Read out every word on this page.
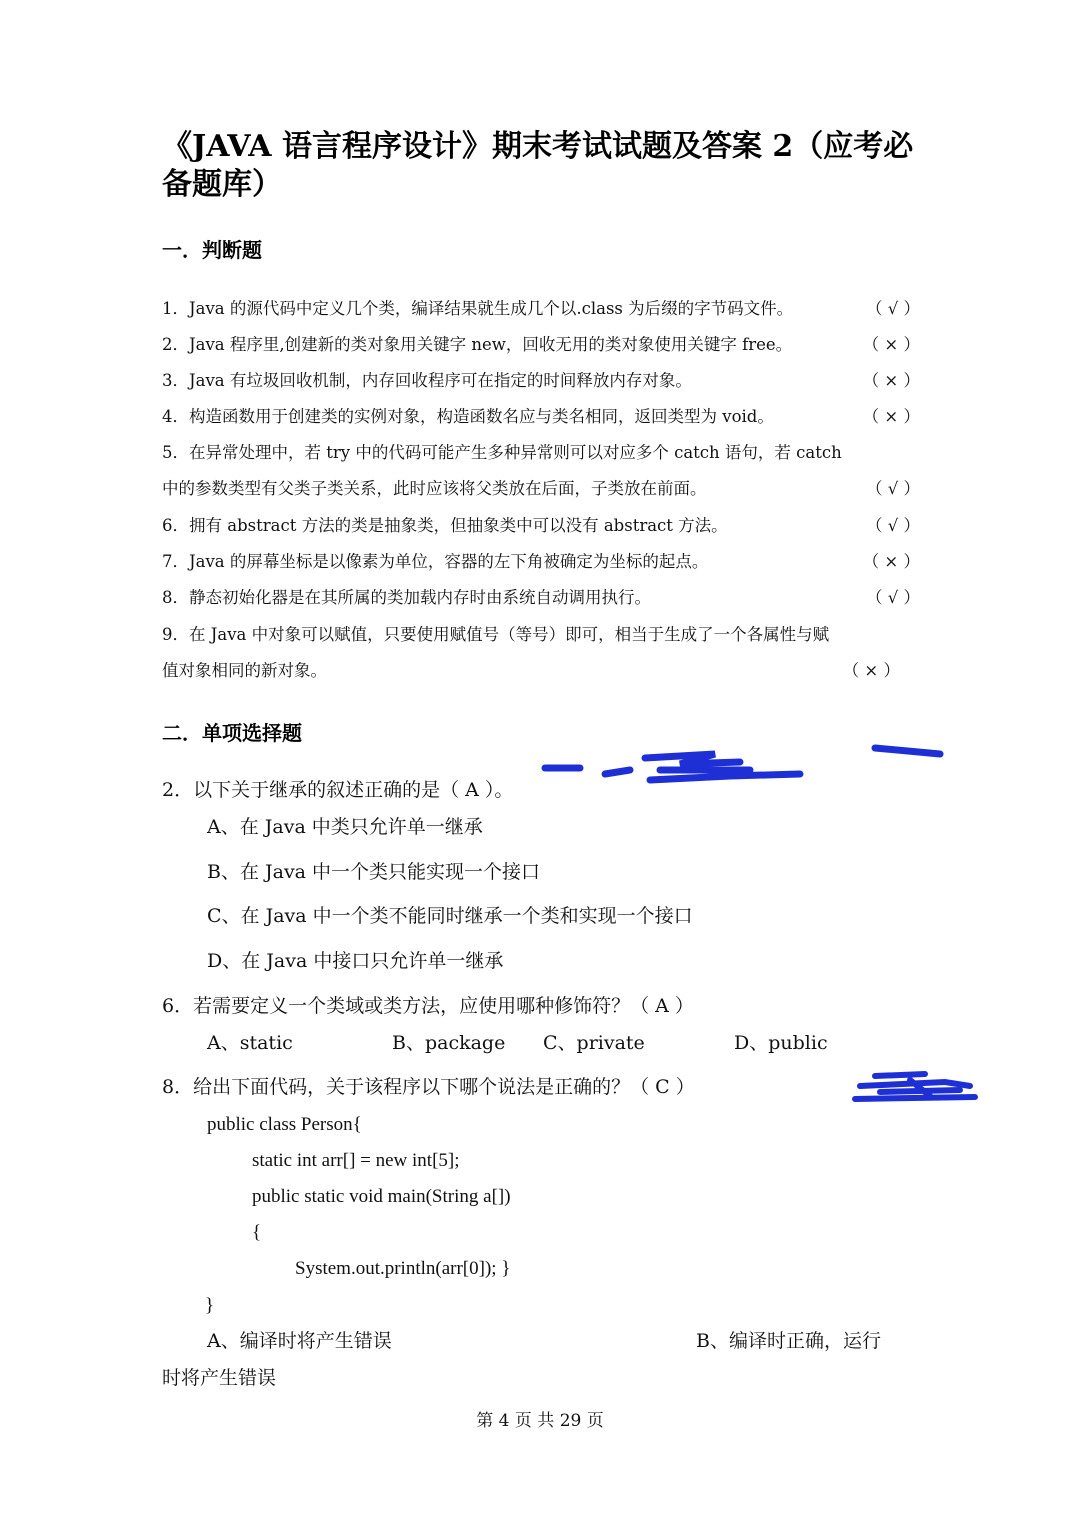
《JAVA 语言程序设计》期末考试试题及答案 2（应考必备题库）
一．判断题
1．Java 的源代码中定义几个类，编译结果就生成几个以.class 为后缀的字节码文件。	（ √ ）
2．Java 程序里,创建新的类对象用关键字 new，回收无用的类对象使用关键字 free。	（ × ）
3．Java 有垃圾回收机制，内存回收程序可在指定的时间释放内存对象。	（ × ）
4．构造函数用于创建类的实例对象，构造函数名应与类名相同，返回类型为 void。	（ × ）
5．在异常处理中，若 try 中的代码可能产生多种异常则可以对应多个 catch 语句，若 catch
中的参数类型有父类子类关系，此时应该将父类放在后面，子类放在前面。	（ √ ）
6．拥有 abstract 方法的类是抽象类，但抽象类中可以没有 abstract 方法。	（ √ ）
7．Java 的屏幕坐标是以像素为单位，容器的左下角被确定为坐标的起点。	（ × ）
8．静态初始化器是在其所属的类加载内存时由系统自动调用执行。	（ √ ）
9．在 Java 中对象可以赋值，只要使用赋值号（等号）即可，相当于生成了一个各属性与赋
值对象相同的新对象。	（ × ）
二．单项选择题
2．以下关于继承的叙述正确的是（ A ）。
A、在 Java 中类只允许单一继承
B、在 Java 中一个类只能实现一个接口
C、在 Java 中一个类不能同时继承一个类和实现一个接口
D、在 Java 中接口只允许单一继承
6．若需要定义一个类域或类方法，应使用哪种修饰符？（ A ）
A、static	B、package C、private	D、public
8．给出下面代码，关于该程序以下哪个说法是正确的？（ C ）
public class Person{
static int arr[] = new int[5];
public static void main(String a[])
{
System.out.println(arr[0]); }
}
A、编译时将产生错误	B、编译时正确，运行
时将产生错误
第 4 页 共 29 页
